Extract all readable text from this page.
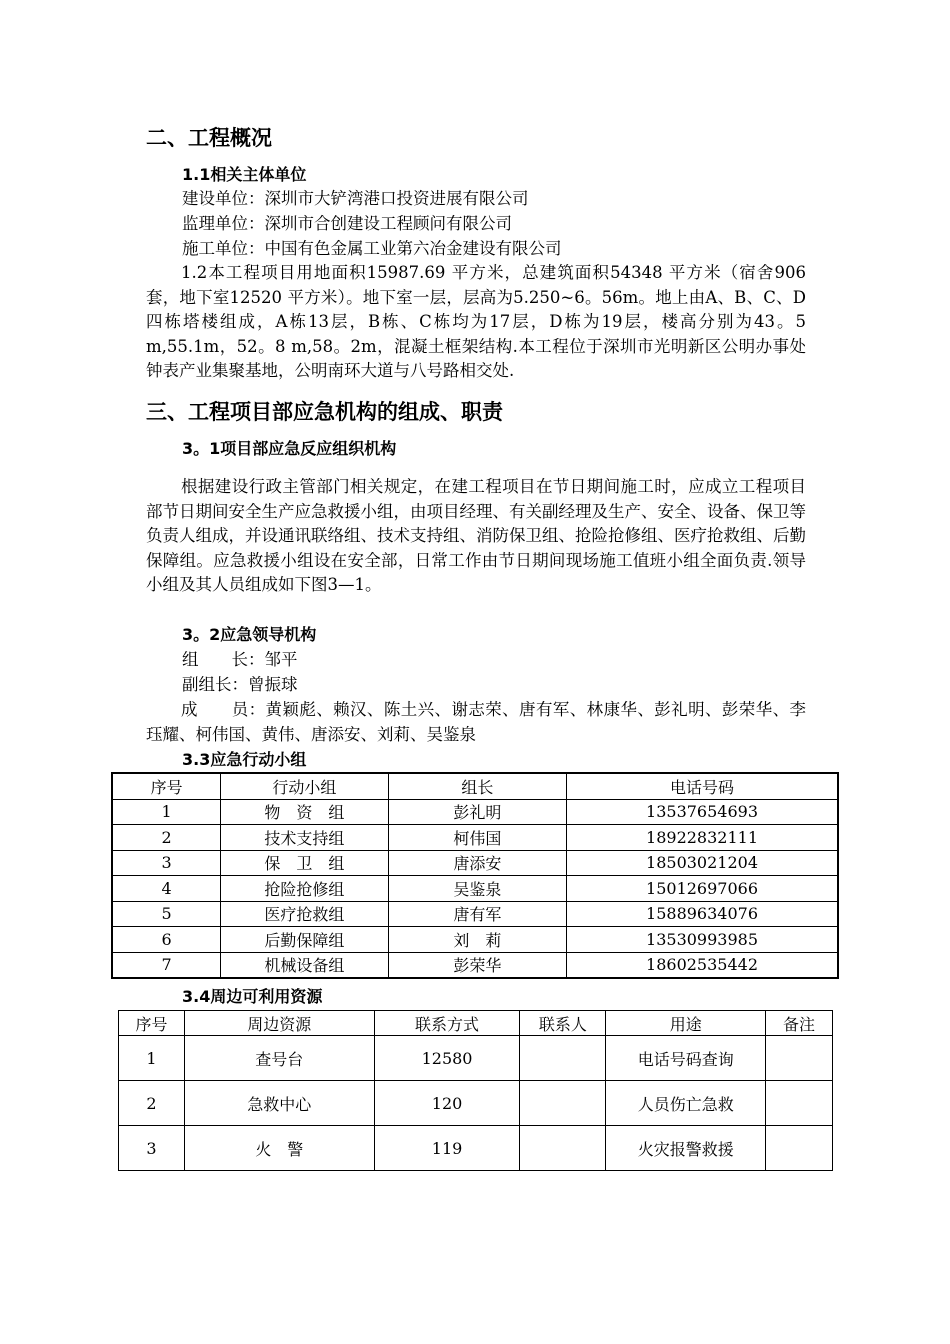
二、工程概况
1.1相关主体单位
建设单位：深圳市大铲湾港口投资进展有限公司
监理单位：深圳市合创建设工程顾问有限公司
施工单位：中国有色金属工业第六冶金建设有限公司

1.2本工程项目用地面积15987.69 平方米，总建筑面积54348 平方米（宿舍906 套，地下室12520 平方米）。地下室一层，层高为5.250~6。56m。地上由A、B、C、D四栋塔楼组成，A栋13层，B栋、C栋均为17层，D栋为19层，楼高分别为43。5 m,55.1m，52。8 m,58。2m，混凝土框架结构.本工程位于深圳市光明新区公明办事处钟表产业集聚基地，公明南环大道与八号路相交处.

三、工程项目部应急机构的组成、职责
3。1项目部应急反应组织机构

根据建设行政主管部门相关规定，在建工程项目在节日期间施工时，应成立工程项目部节日期间安全生产应急救援小组，由项目经理、有关副经理及生产、安全、设备、保卫等负责人组成，并设通讯联络组、技术支持组、消防保卫组、抢险抢修组、医疗抢救组、后勤保障组。应急救援小组设在安全部，日常工作由节日期间现场施工值班小组全面负责.领导小组及其人员组成如下图3—1。

3。2应急领导机构
组　　长：邹平
副组长：曾振球

成　　员：黄颖彪、赖汉、陈土兴、谢志荣、唐有军、林康华、彭礼明、彭荣华、李珏耀、柯伟国、黄伟、唐添安、刘莉、吴鉴泉

3.3应急行动小组
序号	行动小组	组长	电话号码
1	物　资　组	彭礼明	13537654693
2	技术支持组	柯伟国	18922832111
3	保　卫　组	唐添安	18503021204
4	抢险抢修组	吴鉴泉	15012697066
5	医疗抢救组	唐有军	15889634076
6	后勤保障组	刘　莉	13530993985
7	机械设备组	彭荣华	18602535442
3.4周边可利用资源
序号	周边资源	联系方式	联系人	用途	备注
1	查号台	12580		电话号码查询	
2	急救中心	120		人员伤亡急救	
3	火　警	119		火灾报警救援	
